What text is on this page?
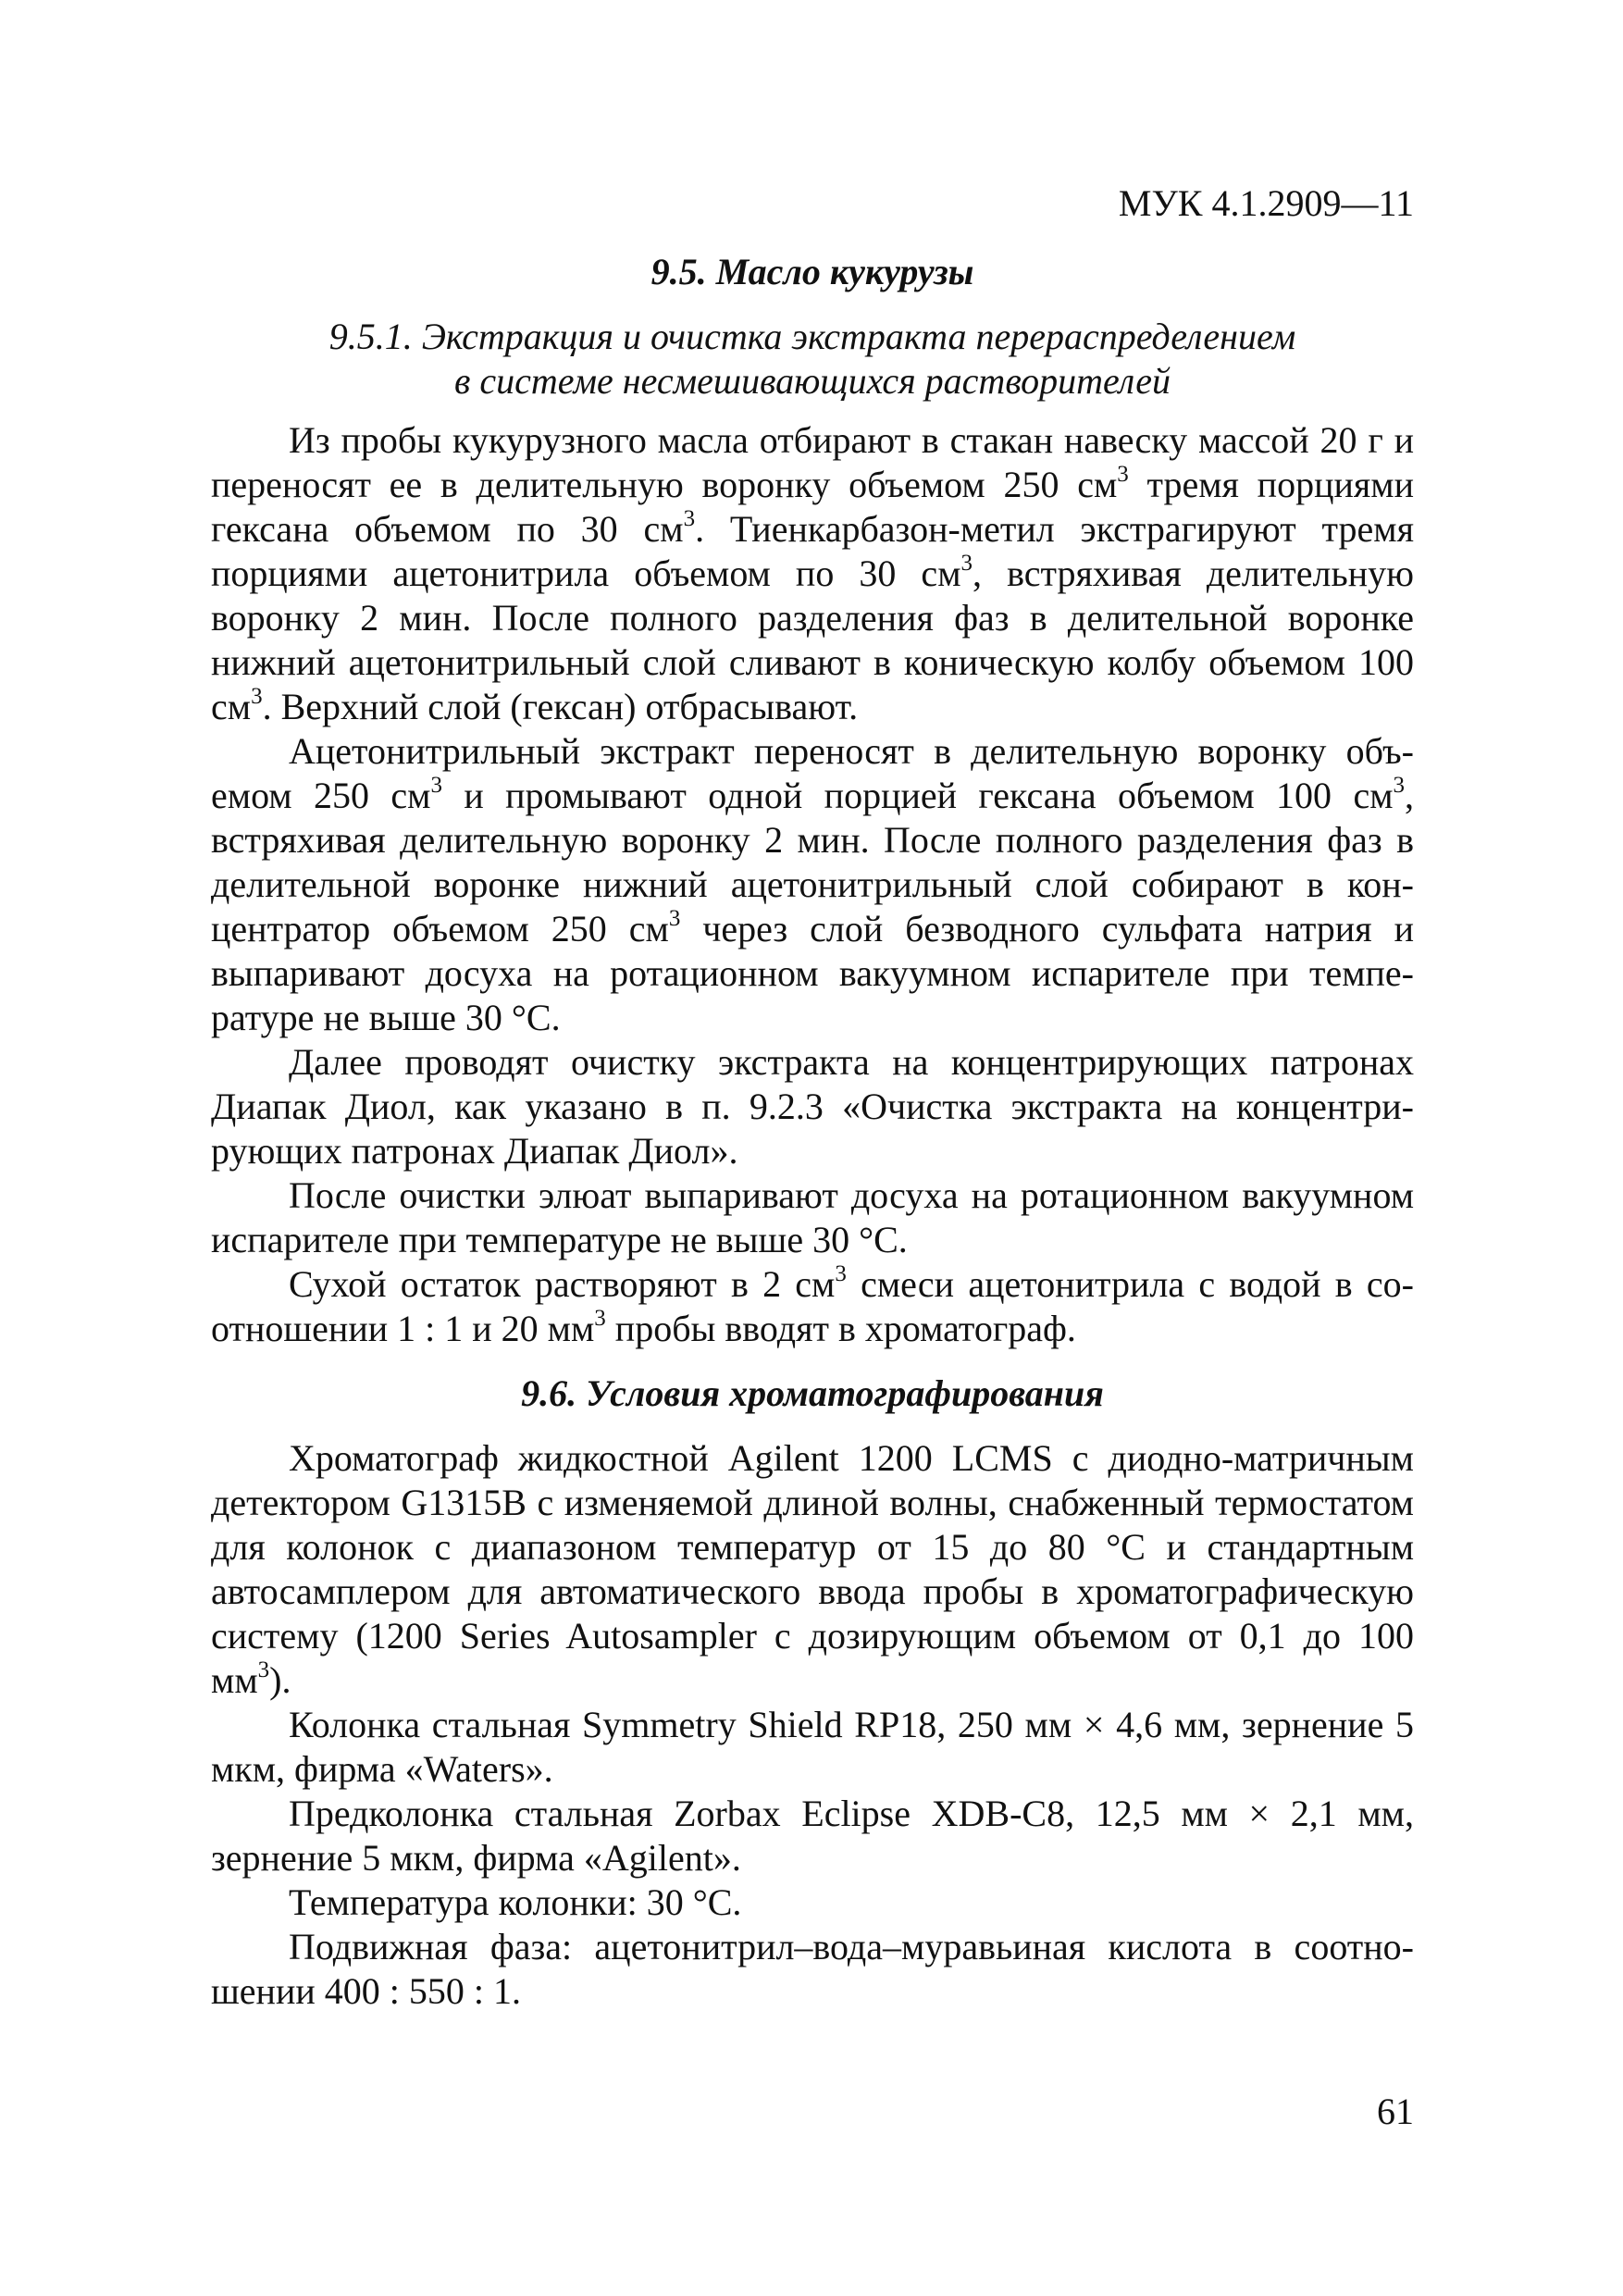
МУК 4.1.2909—11
9.5. Масло кукурузы
9.5.1. Экстракция и очистка экстракта перераспределением
в системе несмешивающихся растворителей

Из пробы кукурузного масла отбирают в стакан навеску массой 20 г и переносят ее в делительную воронку объемом 250 $см^3$ тремя порциями гексана объемом по 30 $см^3$. Тиенкарбазон-метил экстрагируют тремя порциями ацетонитрила объемом по 30 $см^3$, встряхивая делительную воронку 2 мин. После полного разделения фаз в делительной воронке нижний ацетонитрильный слой сливают в коническую колбу объемом 100 $см^3$. Верхний слой (гексан) отбрасывают.

Ацетонитрильный экстракт переносят в делительную воронку объемом 250 $см^3$ и промывают одной порцией гексана объемом 100 $см^3$, встряхивая делительную воронку 2 мин. После полного разделения фаз в делительной воронке нижний ацетонитрильный слой собирают в концентратор объемом 250 $см^3$ через слой безводного сульфата натрия и выпаривают досуха на ротационном вакуумном испарителе при температуре не выше 30 °С.

Далее проводят очистку экстракта на концентрирующих патронах Диапак Диол, как указано в п. 9.2.3 «Очистка экстракта на концентрирующих патронах Диапак Диол».

После очистки элюат выпаривают досуха на ротационном вакуумном испарителе при температуре не выше 30 °С.

Сухой остаток растворяют в 2 $см^3$ смеси ацетонитрила с водой в соотношении 1 : 1 и 20 $мм^3$ пробы вводят в хроматограф.

9.6. Условия хроматографирования

Хроматограф жидкостной Agilent 1200 LCMS с диодно-матричным детектором G1315B с изменяемой длиной волны, снабженный термостатом для колонок с диапазоном температур от 15 до 80 °С и стандартным автосамплером для автоматического ввода пробы в хроматографическую систему (1200 Series Autosampler с дозирующим объемом от 0,1 до 100 $мм^3$).

Колонка стальная Symmetry Shield RP18, 250 мм × 4,6 мм, зернение 5 мкм, фирма «Waters».

Предколонка стальная Zorbax Eclipse XDB-C8, 12,5 мм × 2,1 мм, зернение 5 мкм, фирма «Agilent».

Температура колонки: 30 °С.

Подвижная фаза: ацетонитрил–вода–муравьиная кислота в соотношении 400 : 550 : 1.

61
